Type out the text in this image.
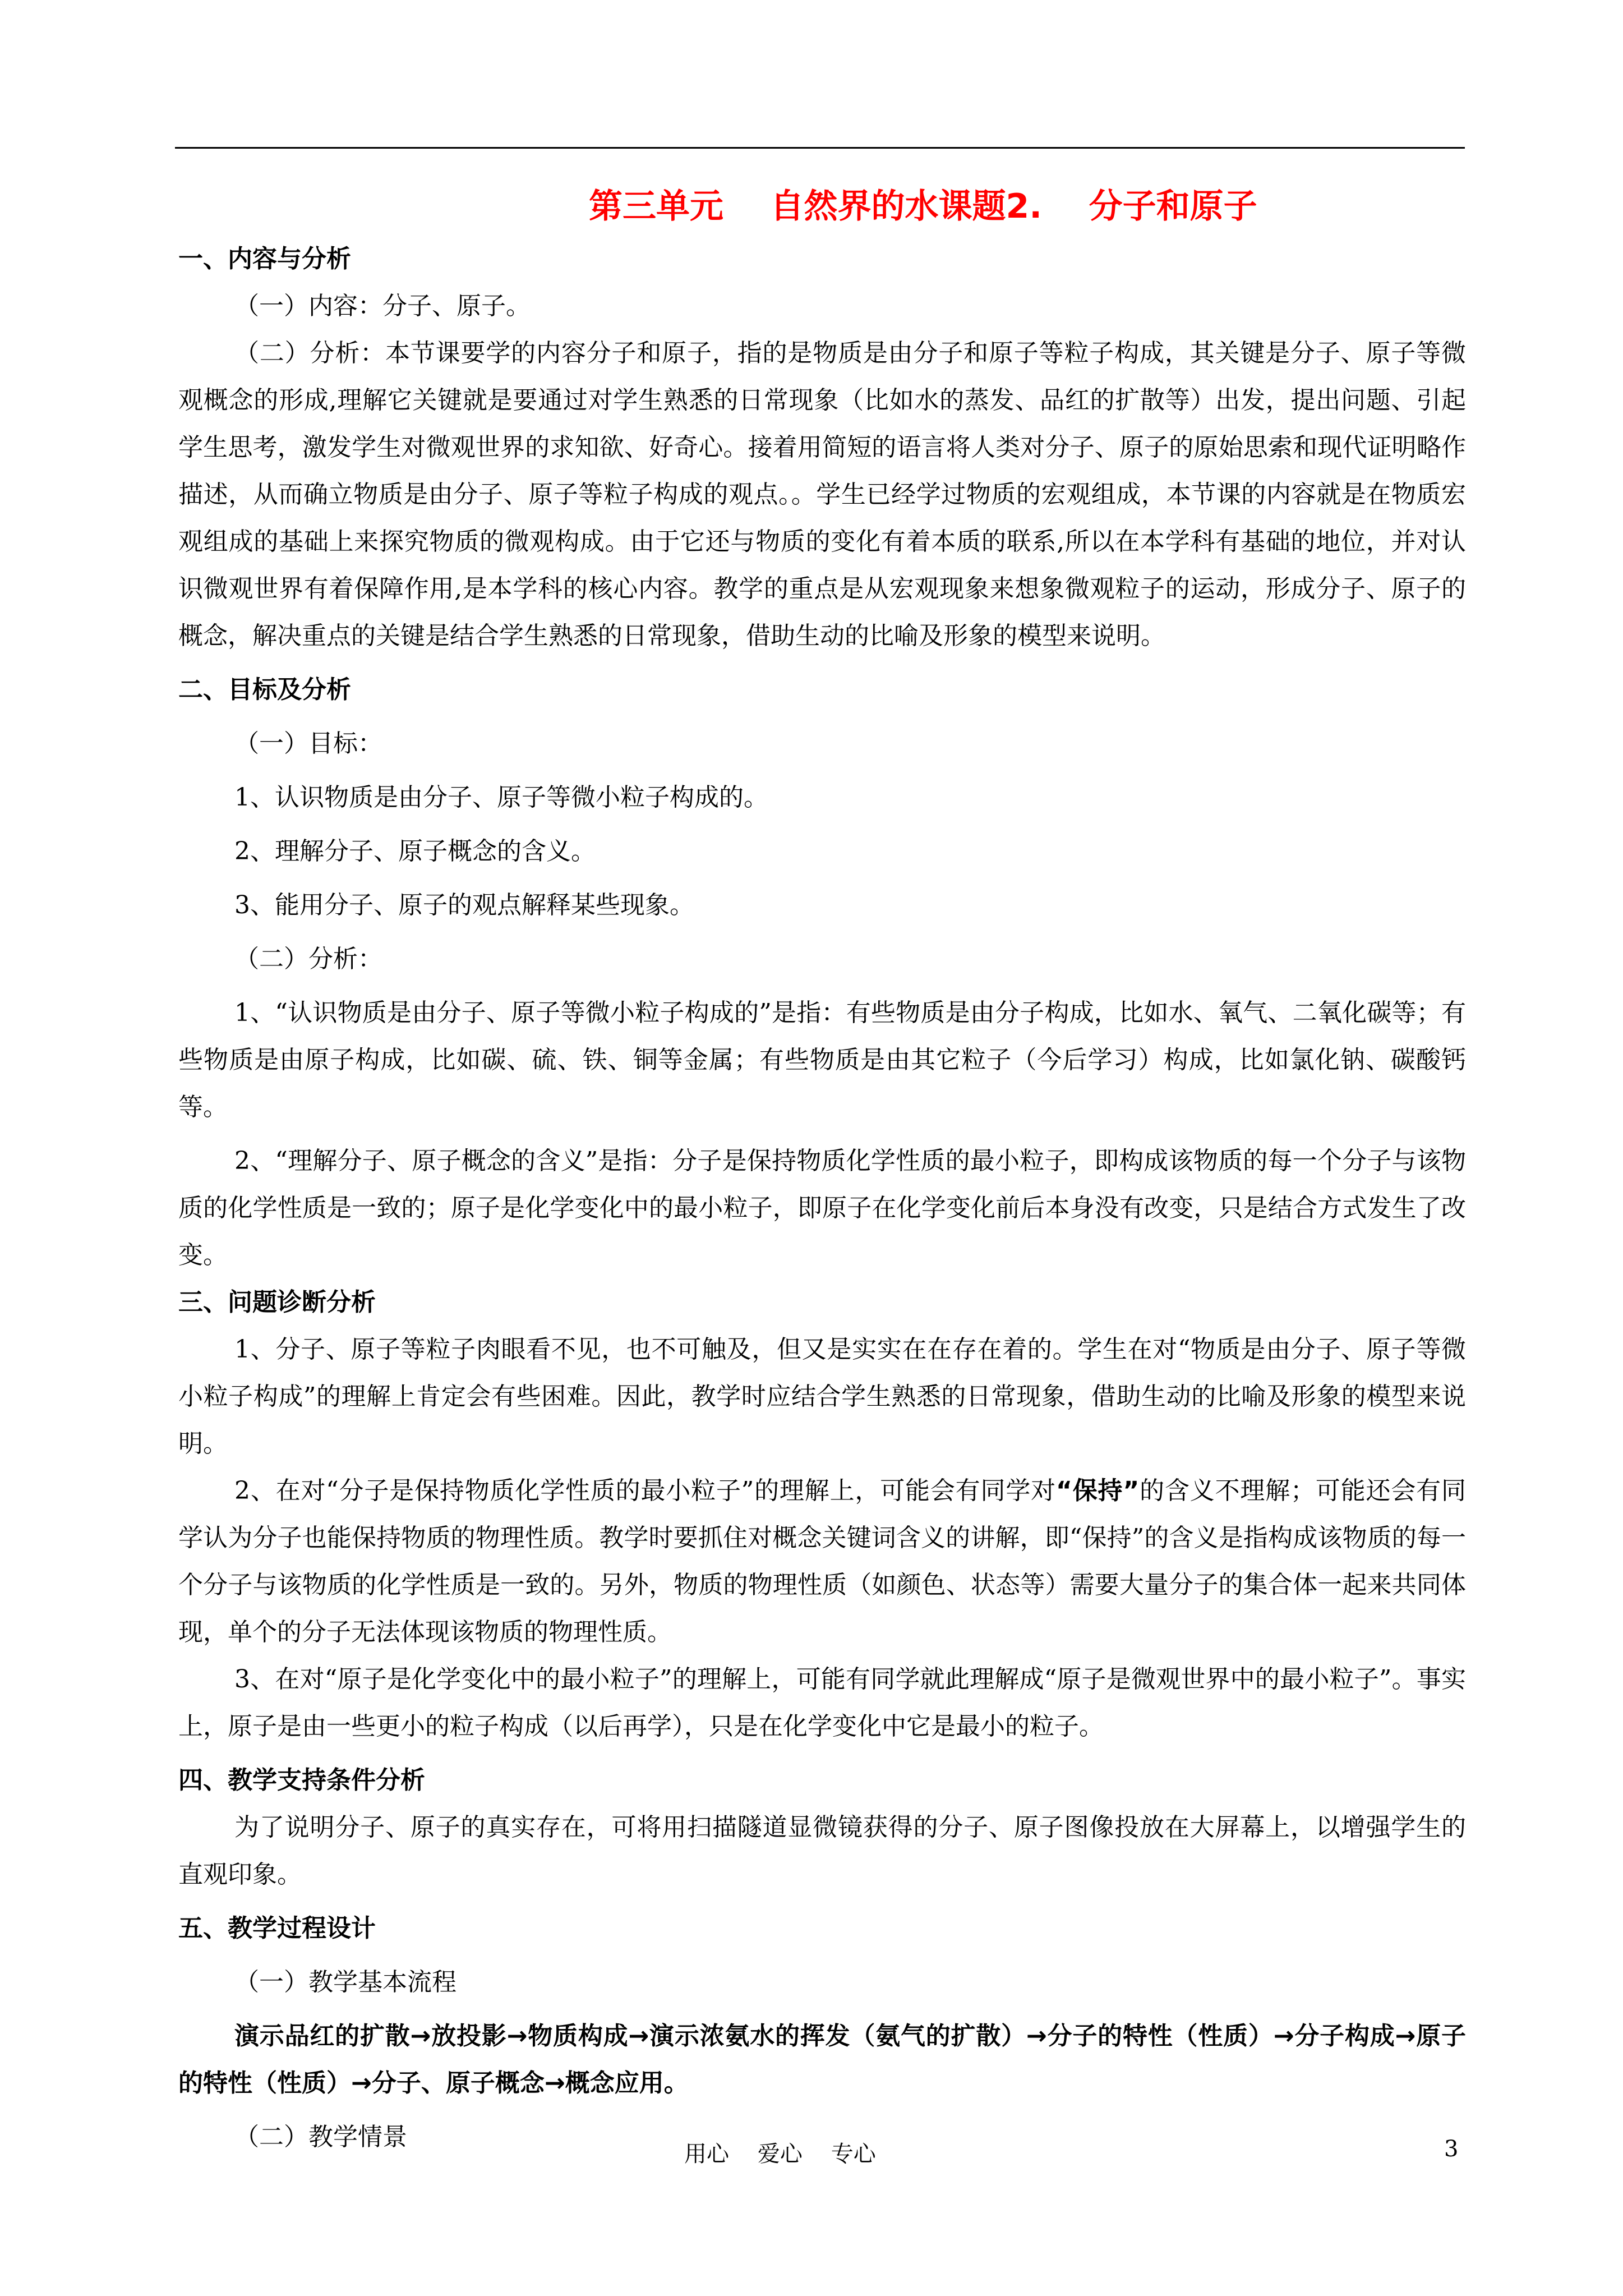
第三单元    自然界的水课题2.    分子和原子

一、内容与分析

（一）内容：分子、原子。

（二）分析：本节课要学的内容分子和原子，指的是物质是由分子和原子等粒子构成，其关键是分子、原子等微观概念的形成,理解它关键就是要通过对学生熟悉的日常现象（比如水的蒸发、品红的扩散等）出发，提出问题、引起学生思考，激发学生对微观世界的求知欲、好奇心。接着用简短的语言将人类对分子、原子的原始思索和现代证明略作描述，从而确立物质是由分子、原子等粒子构成的观点。。学生已经学过物质的宏观组成，本节课的内容就是在物质宏观组成的基础上来探究物质的微观构成。由于它还与物质的变化有着本质的联系,所以在本学科有基础的地位，并对认识微观世界有着保障作用,是本学科的核心内容。教学的重点是从宏观现象来想象微观粒子的运动，形成分子、原子的概念，解决重点的关键是结合学生熟悉的日常现象，借助生动的比喻及形象的模型来说明。

二、目标及分析

（一）目标：

1、认识物质是由分子、原子等微小粒子构成的。

2、理解分子、原子概念的含义。

3、能用分子、原子的观点解释某些现象。

（二）分析：

1、“认识物质是由分子、原子等微小粒子构成的”是指：有些物质是由分子构成，比如水、氧气、二氧化碳等；有些物质是由原子构成，比如碳、硫、铁、铜等金属；有些物质是由其它粒子（今后学习）构成，比如氯化钠、碳酸钙等。

2、“理解分子、原子概念的含义”是指：分子是保持物质化学性质的最小粒子，即构成该物质的每一个分子与该物质的化学性质是一致的；原子是化学变化中的最小粒子，即原子在化学变化前后本身没有改变，只是结合方式发生了改变。

三、问题诊断分析

1、分子、原子等粒子肉眼看不见，也不可触及，但又是实实在在存在着的。学生在对“物质是由分子、原子等微小粒子构成”的理解上肯定会有些困难。因此，教学时应结合学生熟悉的日常现象，借助生动的比喻及形象的模型来说明。

2、在对“分子是保持物质化学性质的最小粒子”的理解上，可能会有同学对“保持”的含义不理解；可能还会有同学认为分子也能保持物质的物理性质。教学时要抓住对概念关键词含义的讲解，即“保持”的含义是指构成该物质的每一个分子与该物质的化学性质是一致的。另外，物质的物理性质（如颜色、状态等）需要大量分子的集合体一起来共同体现，单个的分子无法体现该物质的物理性质。

3、在对“原子是化学变化中的最小粒子”的理解上，可能有同学就此理解成“原子是微观世界中的最小粒子”。事实上，原子是由一些更小的粒子构成（以后再学），只是在化学变化中它是最小的粒子。

四、教学支持条件分析

为了说明分子、原子的真实存在，可将用扫描隧道显微镜获得的分子、原子图像投放在大屏幕上，以增强学生的直观印象。

五、教学过程设计

（一）教学基本流程

演示品红的扩散→放投影→物质构成→演示浓氨水的挥发（氨气的扩散）→分子的特性（性质）→分子构成→原子的特性（性质）→分子、原子概念→概念应用。

（二）教学情景

用心    爱心    专心	3
